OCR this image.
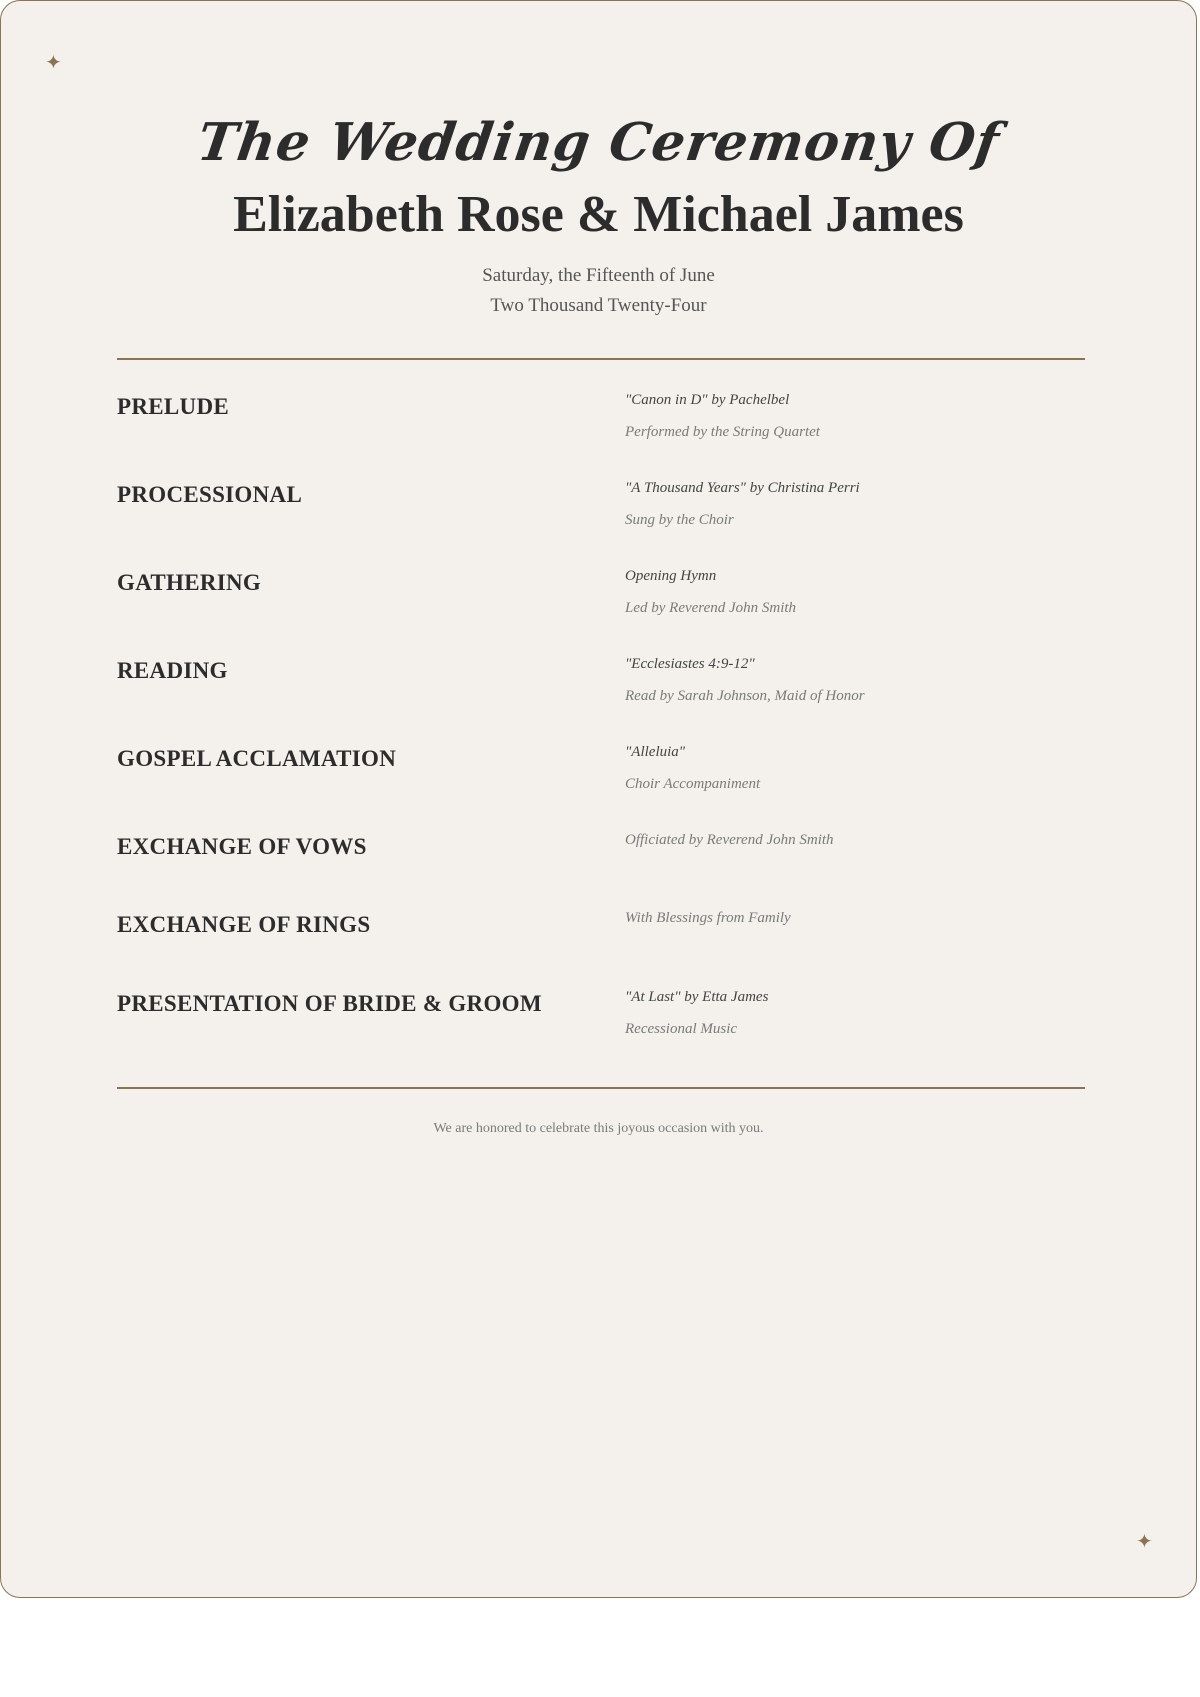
✦
✦
The Wedding Ceremony Of
Elizabeth Rose & Michael James
Saturday, the Fifteenth of June
Two Thousand Twenty-Four
PRELUDE	"Canon in D" by Pachelbel
Performed by the String Quartet
PROCESSIONAL	"A Thousand Years" by Christina Perri
Sung by the Choir
GATHERING	Opening Hymn
Led by Reverend John Smith
READING	"Ecclesiastes 4:9-12"
Read by Sarah Johnson, Maid of Honor
GOSPEL ACCLAMATION	"Alleluia"
Choir Accompaniment
EXCHANGE OF VOWS	Officiated by Reverend John Smith
EXCHANGE OF RINGS	With Blessings from Family
PRESENTATION OF BRIDE & GROOM	"At Last" by Etta James
Recessional Music
We are honored to celebrate this joyous occasion with you.
